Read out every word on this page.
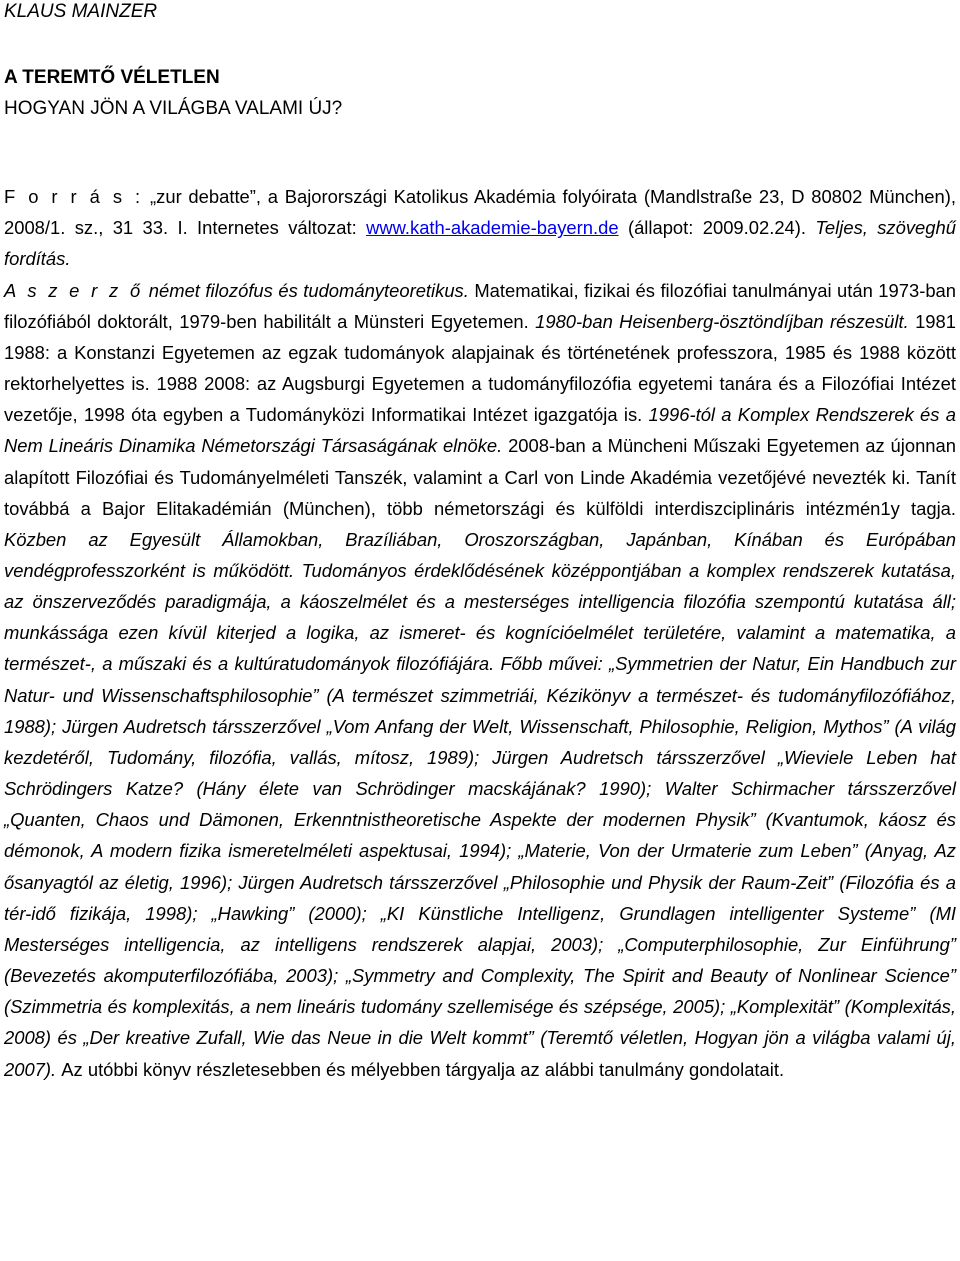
KLAUS MAINZER
A TEREMTŐ VÉLETLEN
HOGYAN JÖN A VILÁGBA VALAMI ÚJ?

F o r r á s : „zur debatte”, a Bajorországi Katolikus Akadémia folyóirata (Mandlstraße 23, D 80802 München), 2008/1. sz., 31 33. I. Internetes változat: www.kath-akademie-bayern.de (állapot: 2009.02.24). Teljes, szöveghű fordítás.

A s z e r z ő német filozófus és tudományteoretikus. Matematikai, fizikai és filozófiai tanulmányai után 1973-ban filozófiából doktorált, 1979-ben habilitált a Münsteri Egyetemen. 1980-ban Heisenberg-ösztöndíjban részesült. 1981 1988: a Konstanzi Egyetemen az egzak tudományok alapjainak és történetének professzora, 1985 és 1988 között rektorhelyettes is. 1988 2008: az Augsburgi Egyetemen a tudományfilozófia egyetemi tanára és a Filozófiai Intézet vezetője, 1998 óta egyben a Tudományközi Informatikai Intézet igazgatója is. 1996-tól a Komplex Rendszerek és a Nem Lineáris Dinamika Németországi Társaságának elnöke. 2008-ban a Müncheni Műszaki Egyetemen az újonnan alapított Filozófiai és Tudományelméleti Tanszék, valamint a Carl von Linde Akadémia vezetőjévé nevezték ki. Tanít továbbá a Bajor Elitakadémián (München), több németországi és külföldi interdiszciplináris intézmén1y tagja. Közben az Egyesült Államokban, Brazíliában, Oroszországban, Japánban, Kínában és Európában vendégprofesszorként is működött. Tudományos érdeklődésének középpontjában a komplex rendszerek kutatása, az önszerveződés paradigmája, a káoszelmélet és a mesterséges intelligencia filozófia szempontú kutatása áll; munkássága ezen kívül kiterjed a logika, az ismeret- és kognícióelmélet területére, valamint a matematika, a természet-, a műszaki és a kultúratudományok filozófiájára. Főbb művei: „Symmetrien der Natur, Ein Handbuch zur Natur- und Wissenschaftsphilosophie” (A természet szimmetriái, Kézikönyv a természet- és tudományfilozófiához, 1988); Jürgen Audretsch társszerzővel „Vom Anfang der Welt, Wissenschaft, Philosophie, Religion, Mythos” (A világ kezdetéről, Tudomány, filozófia, vallás, mítosz, 1989); Jürgen Audretsch társszerzővel „Wieviele Leben hat Schrödingers Katze? (Hány élete van Schrödinger macskájának? 1990); Walter Schirmacher társszerzővel „Quanten, Chaos und Dämonen, Erkenntnistheoretische Aspekte der modernen Physik” (Kvantumok, káosz és démonok, A modern fizika ismeretelméleti aspektusai, 1994); „Materie, Von der Urmaterie zum Leben” (Anyag, Az ősanyagtól az életig, 1996); Jürgen Audretsch társszerzővel „Philosophie und Physik der Raum-Zeit” (Filozófia és a tér-idő fizikája, 1998); „Hawking” (2000); „KI Künstliche Intelligenz, Grundlagen intelligenter Systeme” (MI Mesterséges intelligencia, az intelligens rendszerek alapjai, 2003); „Computerphilosophie, Zur Einführung” (Bevezetés akomputerfilozófiába, 2003); „Symmetry and Complexity, The Spirit and Beauty of Nonlinear Science” (Szimmetria és komplexitás, a nem lineáris tudomány szellemisége és szépsége, 2005); „Komplexität” (Komplexitás, 2008) és „Der kreative Zufall, Wie das Neue in die Welt kommt” (Teremtő véletlen, Hogyan jön a világba valami új, 2007). Az utóbbi könyv részletesebben és mélyebben tárgyalja az alábbi tanulmány gondolatait.
